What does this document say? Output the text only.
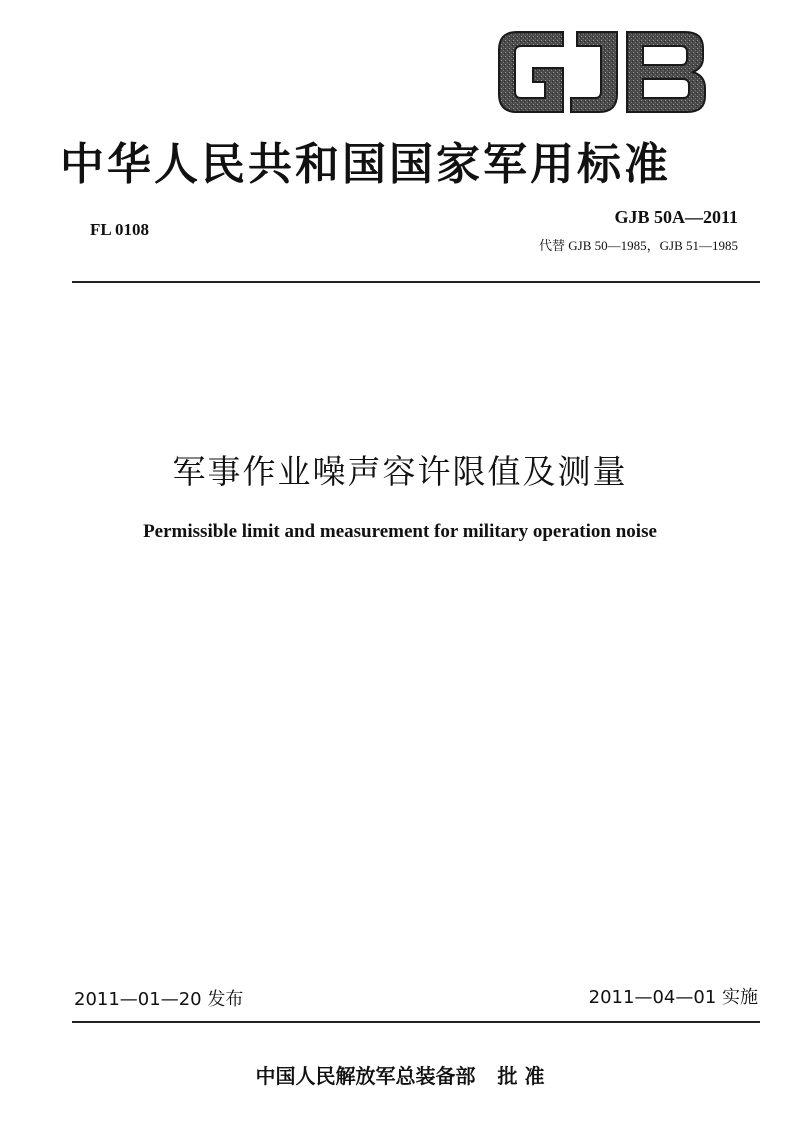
中华人民共和国国家军用标准
FL 0108
GJB 50A—2011
代替 GJB 50—1985，GJB 51—1985
军事作业噪声容许限值及测量
Permissible limit and measurement for military operation noise
2011—01—20 发布	2011—04—01 实施
中国人民解放军总装备部 批 准
